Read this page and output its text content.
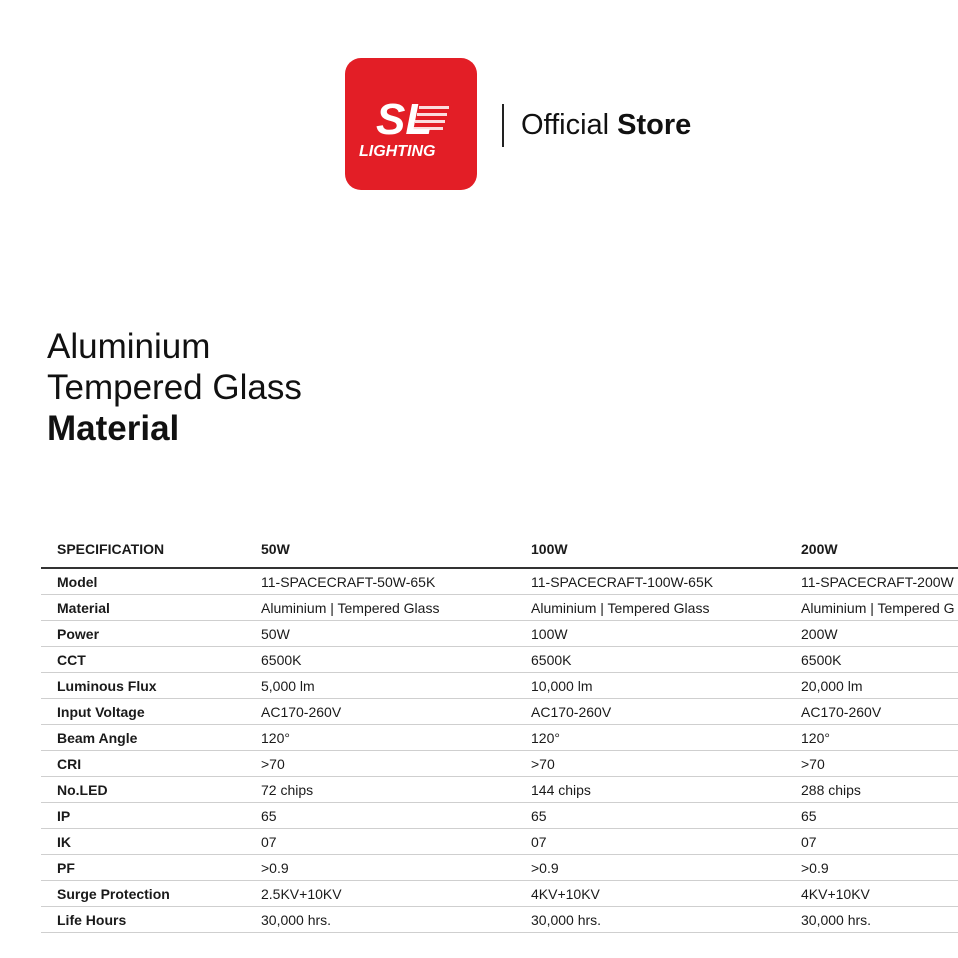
SL
LIGHTING
Official Store
Aluminium
Tempered Glass
Material
SPECIFICATION	50W	100W	200W
Model	11-SPACECRAFT-50W-65K	11-SPACECRAFT-100W-65K	11-SPACECRAFT-200W
Material	Aluminium | Tempered Glass	Aluminium | Tempered Glass	Aluminium | Tempered G
Power	50W	100W	200W
CCT	6500K	6500K	6500K
Luminous Flux	5,000 lm	10,000 lm	20,000 lm
Input Voltage	AC170-260V	AC170-260V	AC170-260V
Beam Angle	120°	120°	120°
CRI	>70	>70	>70
No.LED	72 chips	144 chips	288 chips
IP	65	65	65
IK	07	07	07
PF	>0.9	>0.9	>0.9
Surge Protection	2.5KV+10KV	4KV+10KV	4KV+10KV
Life Hours	30,000 hrs.	30,000 hrs.	30,000 hrs.
